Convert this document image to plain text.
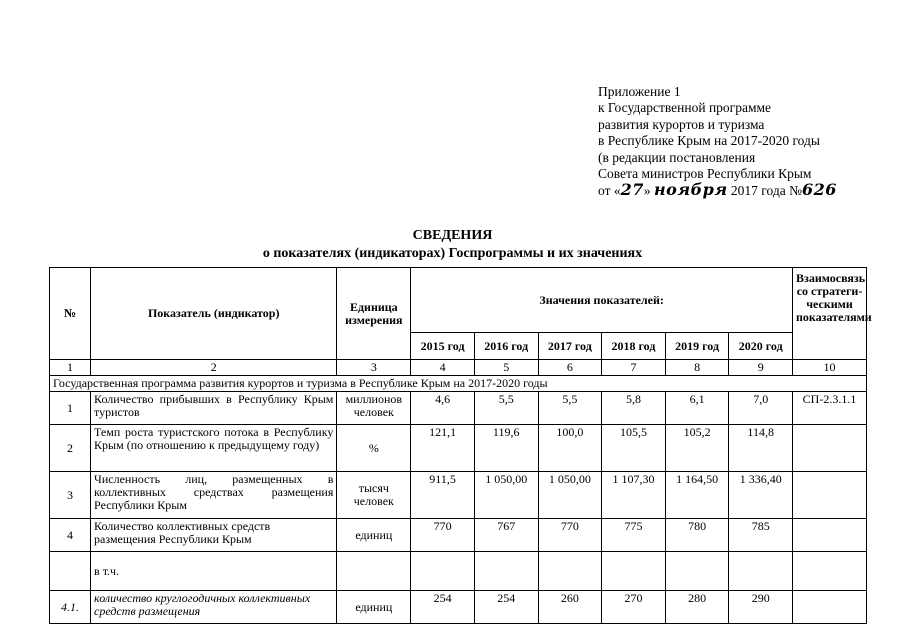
Приложение 1
к Государственной программе
развития курортов и туризма
в Республике Крым на 2017-2020 годы
(в редакции постановления
Совета министров Республики Крым
от «27» ноября 2017 года №626
СВЕДЕНИЯ
о показателях (индикаторах) Госпрограммы и их значениях
№	Показатель (индикатор)	Единица измерения	Значения показателей:						Взаимосвязь со стратеги-ческими показателями
			2015 год	2016 год	2017 год	2018 год	2019 год	2020 год	
1	2	3	4	5	6	7	8	9	10
Государственная программа развития курортов и туризма в Республике Крым на 2017-2020 годы									
1	Количество прибывших в Республику Крым туристов	миллионов человек	4,6	5,5	5,5	5,8	6,1	7,0	СП-2.3.1.1
2	Темп роста туристского потока в Республику Крым (по отношению к предыдущему году)	%	121,1	119,6	100,0	105,5	105,2	114,8	
3	Численность лиц, размещенных в коллективных средствах размещения Республики Крым	тысяч человек	911,5	1 050,00	1 050,00	1 107,30	1 164,50	1 336,40	
4	Количество коллективных средств размещения Республики Крым	единиц	770	767	770	775	780	785	
	в т.ч.								
4.1.	количество круглогодичных коллективных средств размещения	единиц	254	254	260	270	280	290	
